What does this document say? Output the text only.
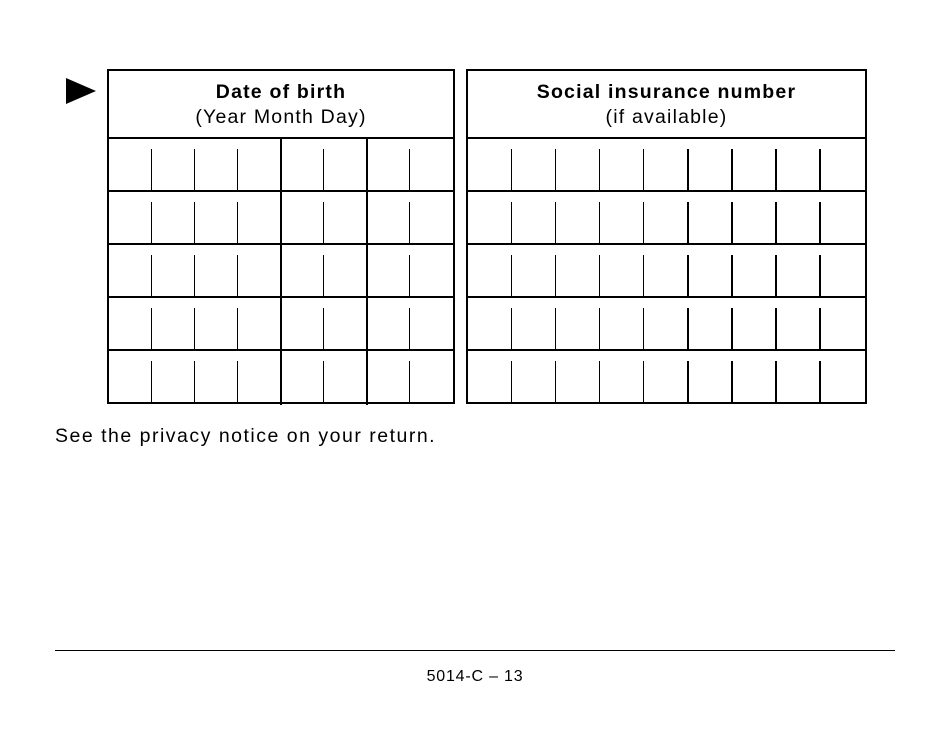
Date of birth
(Year Month Day)
Social insurance number
(if available)
See the privacy notice on your return.
5014-C – 13
